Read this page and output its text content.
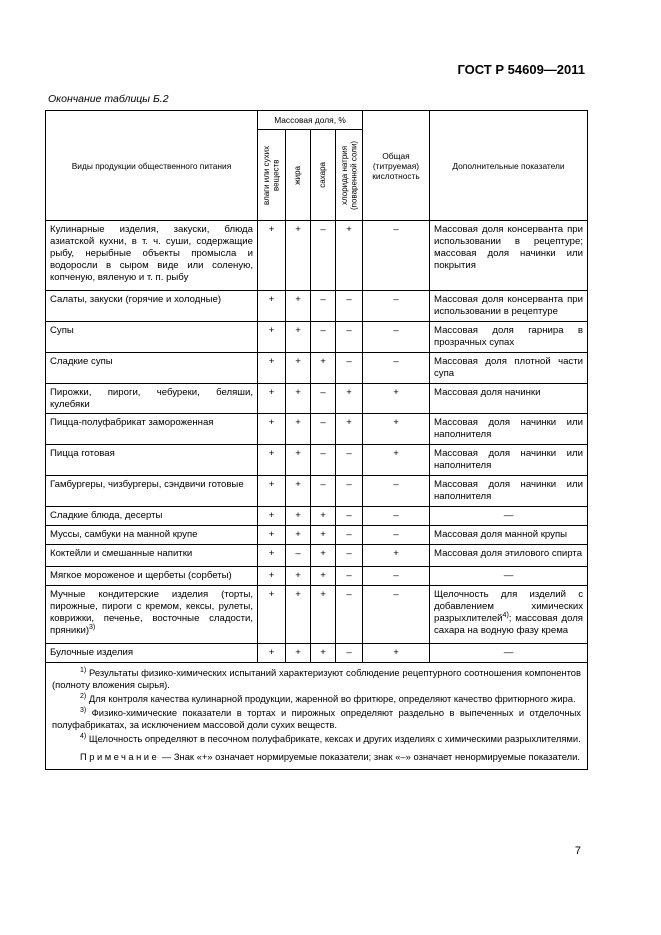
ГОСТ Р 54609—2011
Окончание таблицы Б.2
Виды продукции общественного питания	Массовая доля, %				Общая (титруемая) кислотность	Дополнительные показатели

	влаги или сухих веществ	жира	сахара	хлорида натрия (поваренной соли)		

Кулинарные изделия, закуски, блюда азиатской кухни, в т. ч. суши, содержащие рыбу, нерыбные объекты промысла и водоросли в сыром виде или соленую, копченую, вяленую и т. п. рыбу	+	+	–	+	–	Массовая доля консерванта при использовании в рецептуре; массовая доля начинки или покрытия
Салаты, закуски (горячие и холодные)	+	+	–	–	–	Массовая доля консерванта при использовании в рецептуре
Супы	+	+	–	–	–	Массовая доля гарнира в прозрачных супах
Сладкие супы	+	+	+	–	–	Массовая доля плотной части супа
Пирожки, пироги, чебуреки, беляши, кулебяки	+	+	–	+	+	Массовая доля начинки
Пицца-полуфабрикат замороженная	+	+	–	+	+	Массовая доля начинки или наполнителя
Пицца готовая	+	+	–	–	+	Массовая доля начинки или наполнителя
Гамбургеры, чизбургеры, сэндвичи готовые	+	+	–	–	–	Массовая доля начинки или наполнителя
Сладкие блюда, десерты	+	+	+	–	–	—
Муссы, самбуки на манной крупе	+	+	+	–	–	Массовая доля манной крупы
Коктейли и смешанные напитки	+	–	+	–	+	Массовая доля этилового спирта
Мягкое мороженое и щербеты (сорбеты)	+	+	+	–	–	—
Мучные кондитерские изделия (торты, пирожные, пироги с кремом, кексы, рулеты, коврижки, печенье, восточные сладости, пряники)$^{3)}$	+	+	+	–	–	Щелочность для изделий с добавлением химических разрыхлителей$^{4)}$; массовая доля сахара на водную фазу крема
Булочные изделия	+	+	+	–	+	—

$^{1)}$ Результаты физико-химических испытаний характеризуют соблюдение рецептурного соотношения компонентов (полноту вложения сырья).

$^{2)}$ Для контроля качества кулинарной продукции, жаренной во фритюре, определяют качество фритюрного жира.

$^{3)}$ Физико-химические показатели в тортах и пирожных определяют раздельно в выпеченных и отделочных полуфабрикатах, за исключением массовой доли сухих веществ.

$^{4)}$ Щелочность определяют в песочном полуфабрикате, кексах и других изделиях с химическими разрыхлителями.

Примечание — Знак «+» означает нормируемые показатели; знак «–» означает ненормируемые показатели.						

7
